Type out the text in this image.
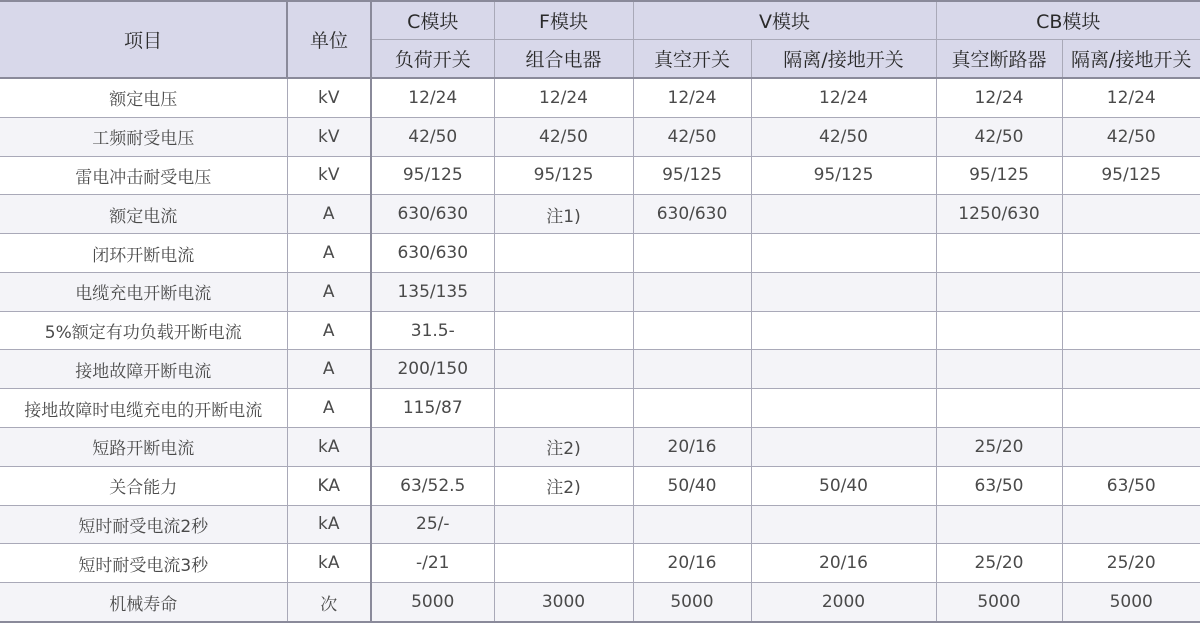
项目	单位	C模块	F模块	V模块		CB模块	
		负荷开关	组合电器	真空开关	隔离/接地开关	真空断路器	隔离/接地开关
额定电压	kV	12/24	12/24	12/24	12/24	12/24	12/24
工频耐受电压	kV	42/50	42/50	42/50	42/50	42/50	42/50
雷电冲击耐受电压	kV	95/125	95/125	95/125	95/125	95/125	95/125
额定电流	A	630/630	注1)	630/630		1250/630	
闭环开断电流	A	630/630					
电缆充电开断电流	A	135/135					
5%额定有功负载开断电流	A	31.5-					
接地故障开断电流	A	200/150					
接地故障时电缆充电的开断电流	A	115/87					
短路开断电流	kA		注2)	20/16		25/20	
关合能力	KA	63/52.5	注2)	50/40	50/40	63/50	63/50
短时耐受电流2秒	kA	25/-					
短时耐受电流3秒	kA	-/21		20/16	20/16	25/20	25/20
机械寿命	次	5000	3000	5000	2000	5000	5000
